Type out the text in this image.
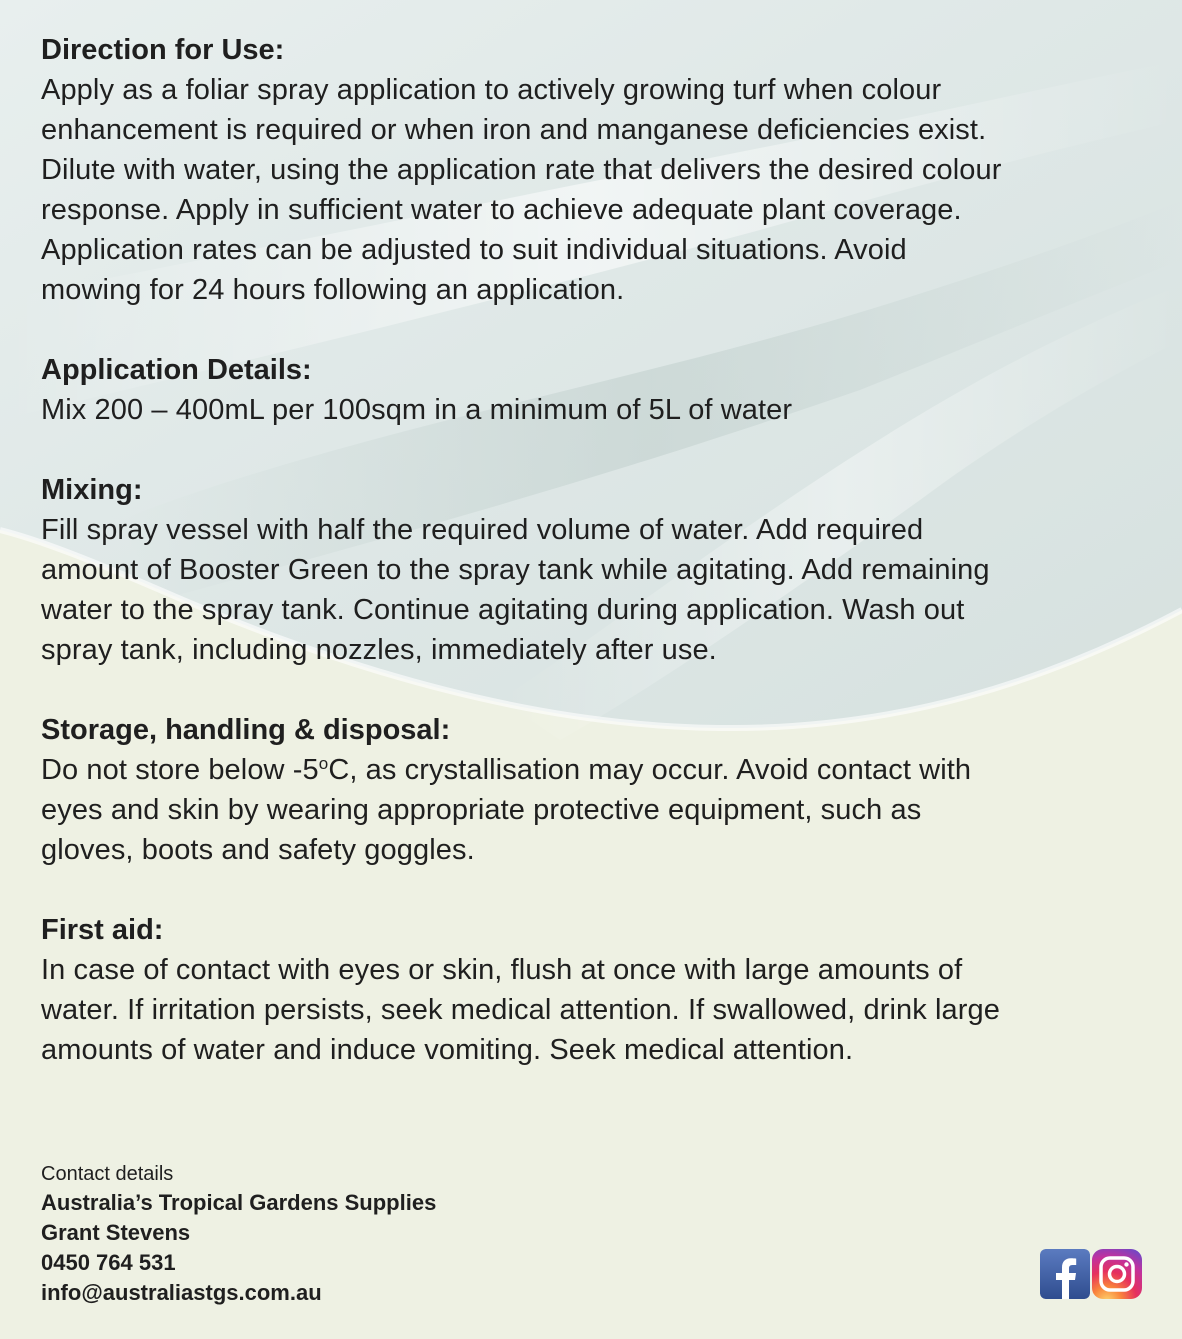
Direction for Use:

Apply as a foliar spray application to actively growing turf when colour

enhancement is required or when iron and manganese deficiencies exist.

Dilute with water, using the application rate that delivers the desired colour

response. Apply in sufficient water to achieve adequate plant coverage.

Application rates can be adjusted to suit individual situations. Avoid

mowing for 24 hours following an application.

Application Details:

Mix 200 – 400mL per 100sqm in a minimum of 5L of water

Mixing:

Fill spray vessel with half the required volume of water. Add required

amount of Booster Green to the spray tank while agitating. Add remaining

water to the spray tank. Continue agitating during application. Wash out

spray tank, including nozzles, immediately after use.

Storage, handling & disposal:

Do not store below -5$^o$C, as crystallisation may occur. Avoid contact with

eyes and skin by wearing appropriate protective equipment, such as

gloves, boots and safety goggles.

First aid:

In case of contact with eyes or skin, flush at once with large amounts of

water. If irritation persists, seek medical attention. If swallowed, drink large

amounts of water and induce vomiting. Seek medical attention.

Contact details

Australia’s Tropical Gardens Supplies

Grant Stevens

0450 764 531

info@australiastgs.com.au
